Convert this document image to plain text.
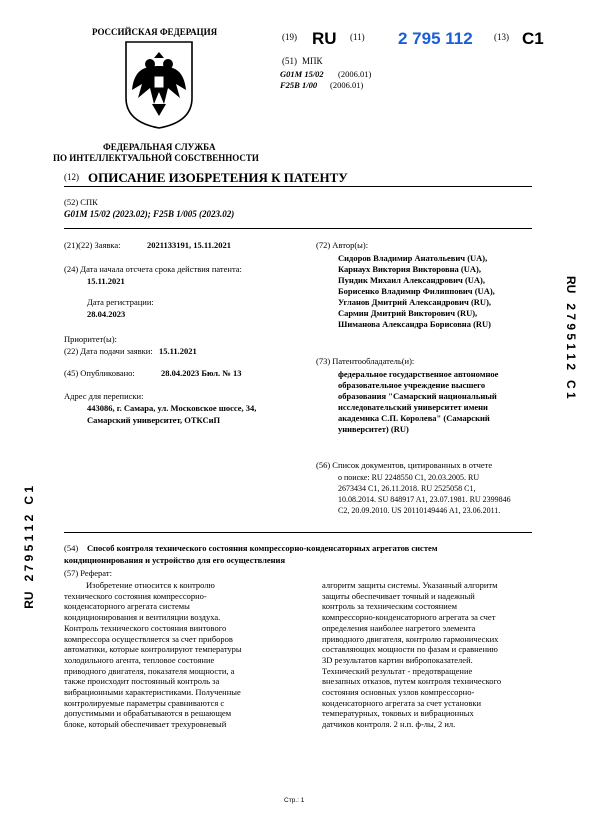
РОССИЙСКАЯ ФЕДЕРАЦИЯ
ФЕДЕРАЛЬНАЯ СЛУЖБА
ПО ИНТЕЛЛЕКТУАЛЬНОЙ СОБСТВЕННОСТИ
(19) RU (11) 2 795 112 (13) C1
(51) МПК
G01M 15/02 (2006.01)
F25B 1/00 (2006.01)
(12) ОПИСАНИЕ ИЗОБРЕТЕНИЯ К ПАТЕНТУ
(52) СПК
G01M 15/02 (2023.02); F25B 1/005 (2023.02)
(21)(22) Заявка:	2021133191, 15.11.2021
(24) Дата начала отсчета срока действия патента:
15.11.2021
Дата регистрации:
28.04.2023
Приоритет(ы):
(22) Дата подачи заявки: 15.11.2021
(45) Опубликовано:	28.04.2023 Бюл. № 13
Адрес для переписки:
443086, г. Самара, ул. Московское шоссе, 34,
Самарский университет, ОТКСиП
(72) Автор(ы):
Сидоров Владимир Анатольевич (UA),
Карнаух Виктория Викторовна (UA),
Пундик Михаил Александрович (UA),
Борисенко Владимир Филиппович (UA),
Угланов Дмитрий Александрович (RU),
Сармин Дмитрий Викторович (RU),
Шиманова Александра Борисовна (RU)
(73) Патентообладатель(и):
федеральное государственное автономное
образовательное учреждение высшего
образования "Самарский национальный
исследовательский университет имени
академика С.П. Королева" (Самарский
университет) (RU)
(56) Список документов, цитированных в отчете
о поиске: RU 2248550 C1, 20.03.2005. RU
2673434 C1, 26.11.2018. RU 2525058 C1,
10.08.2014. SU 848917 A1, 23.07.1981. RU 2399846
C2, 20.09.2010. US 20110149446 A1, 23.06.2011.
RU   2 7 9 5 1 1 2   C 1
RU   2 7 9 5 1 1 2   C 1	(54) Способ контроля технического состояния компрессорно-конденсаторных агрегатов систем
кондиционирования и устройство для его осуществления
(57) Реферат:
Изобретение относится к контролю
технического состояния компрессорно-
конденсаторного агрегата системы
кондиционирования и вентиляции воздуха.
Контроль технического состояния винтового
компрессора осуществляется за счет приборов
автоматики, которые контролируют температуры
холодильного агента, тепловое состояние
приводного двигателя, показателя мощности, а
также происходит постоянный контроль за
вибрационными характеристиками. Полученные
контролируемые параметры сравниваются с
допустимыми и обрабатываются в решающем
блоке, который обеспечивает трехуровневый
алгоритм защиты системы. Указанный алгоритм
защиты обеспечивает точный и надежный
контроль за техническим состоянием
компрессорно-конденсаторного агрегата за счет
определения наиболее нагретого элемента
приводного двигателя, контролю гармонических
составляющих мощности по фазам и сравнению
3D результатов картин вибропоказателей.
Технический результат - предотвращение
внезапных отказов, путем контроля технического
состояния основных узлов компрессорно-
конденсаторного агрегата за счет установки
температурных, токовых и вибрационных
датчиков контроля. 2 н.п. ф-лы, 2 ил.
Стр.: 1
